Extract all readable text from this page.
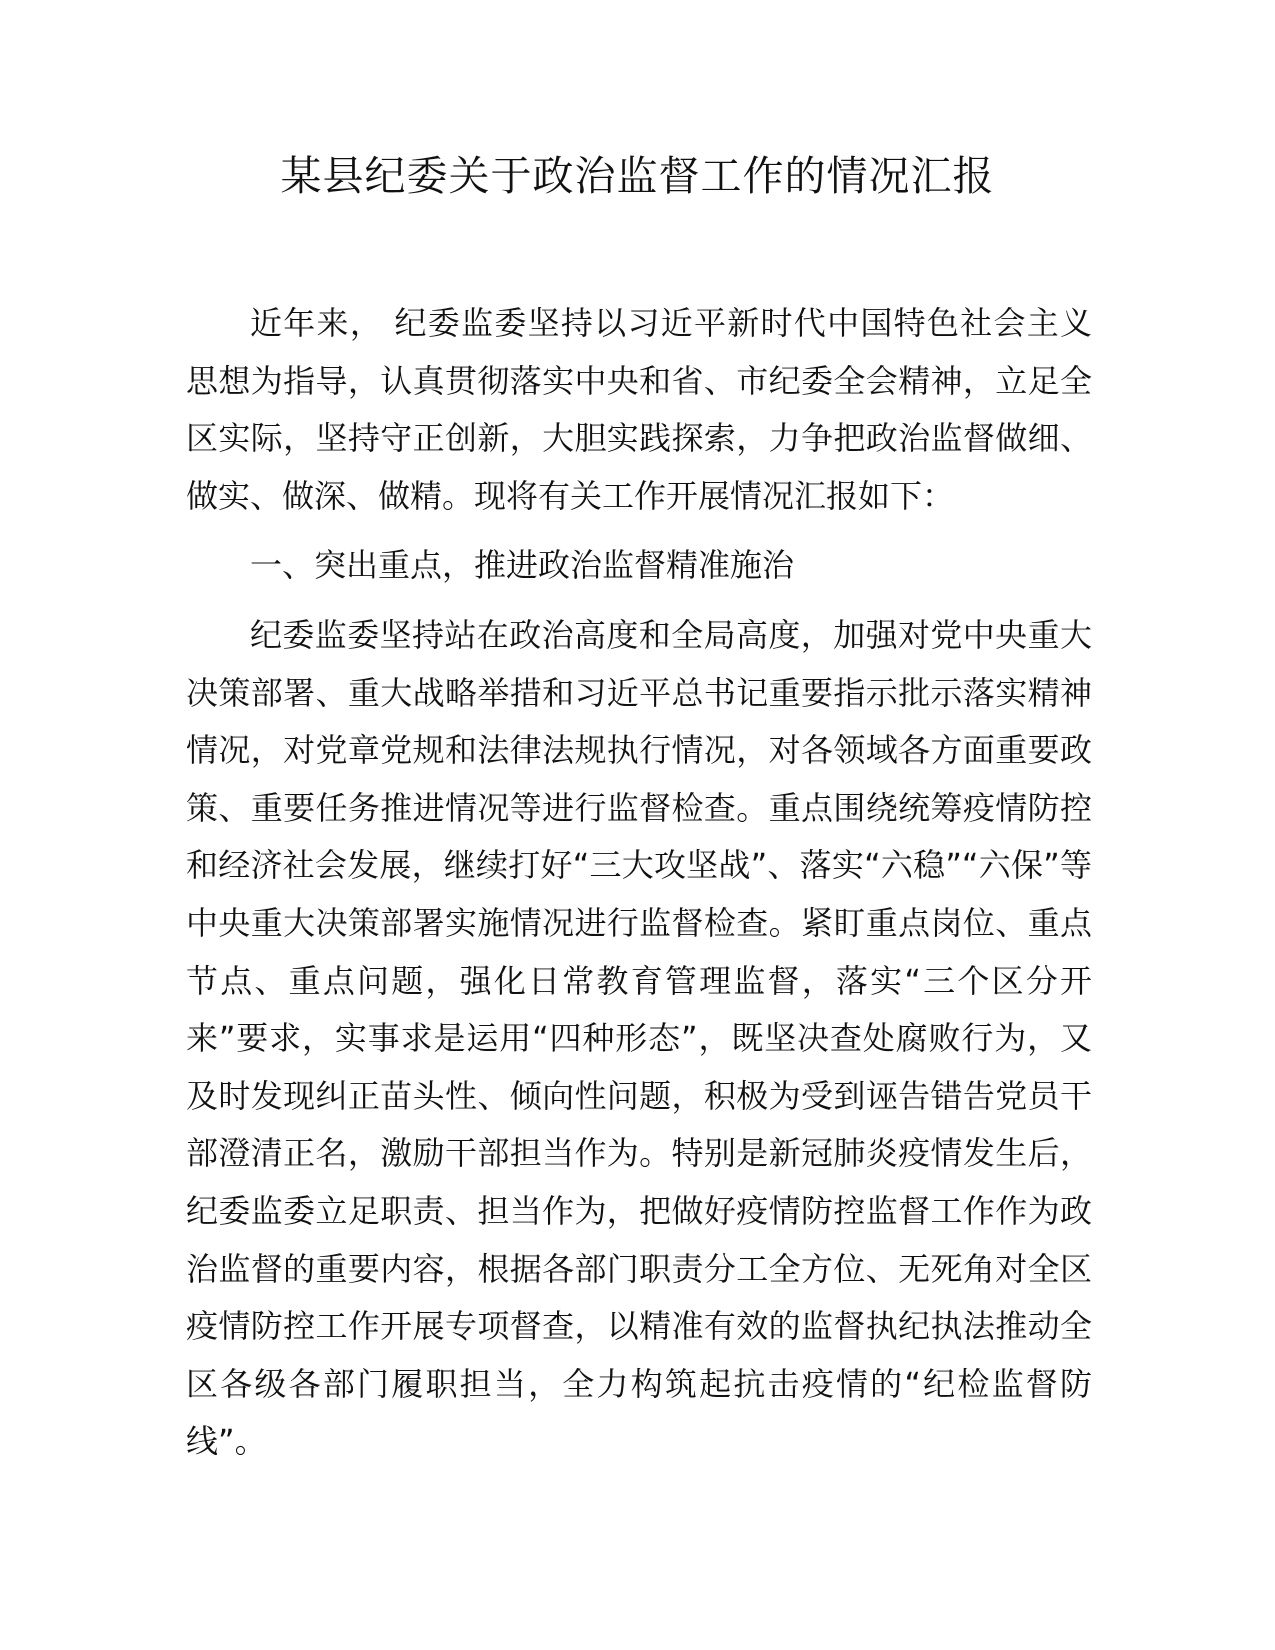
某县纪委关于政治监督工作的情况汇报

近年来， 纪委监委坚持以习近平新时代中国特色社会主义思想为指导，认真贯彻落实中央和省、市纪委全会精神，立足全区实际，坚持守正创新，大胆实践探索，力争把政治监督做细、做实、做深、做精。现将有关工作开展情况汇报如下：

一、突出重点，推进政治监督精准施治

纪委监委坚持站在政治高度和全局高度，加强对党中央重大决策部署、重大战略举措和习近平总书记重要指示批示落实精神情况，对党章党规和法律法规执行情况，对各领域各方面重要政策、重要任务推进情况等进行监督检查。重点围绕统筹疫情防控和经济社会发展，继续打好“三大攻坚战”、落实“六稳”“六保”等中央重大决策部署实施情况进行监督检查。紧盯重点岗位、重点节点、重点问题，强化日常教育管理监督，落实“三个区分开来”要求，实事求是运用“四种形态”，既坚决查处腐败行为，又及时发现纠正苗头性、倾向性问题，积极为受到诬告错告党员干部澄清正名，激励干部担当作为。特别是新冠肺炎疫情发生后， 纪委监委立足职责、担当作为，把做好疫情防控监督工作作为政治监督的重要内容，根据各部门职责分工全方位、无死角对全区疫情防控工作开展专项督查，以精准有效的监督执纪执法推动全区各级各部门履职担当，全力构筑起抗击疫情的“纪检监督防线”。
